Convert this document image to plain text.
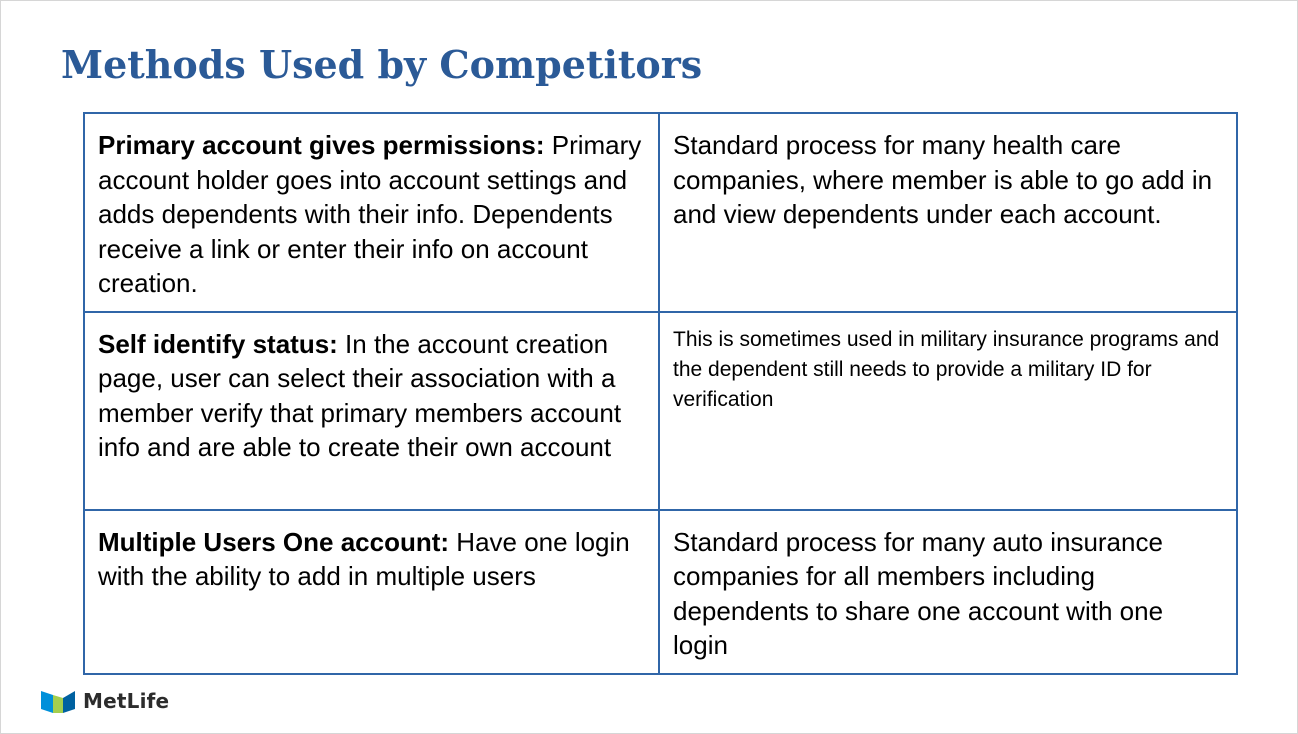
Methods Used by Competitors
Primary account gives permissions: Primary account holder goes into account settings and adds dependents with their info. Dependents receive a link or enter their info on account creation.	Standard process for many health care companies, where member is able to go add in and view dependents under each account.
Self identify status: In the account creation page, user can select their association with a member verify that primary members account info and are able to create their own account	This is sometimes used in military insurance programs and the dependent still needs to provide a military ID for verification
Multiple Users One account: Have one login with the ability to add in multiple users	Standard process for many auto insurance companies for all members including dependents to share one account with one login
MetLife
